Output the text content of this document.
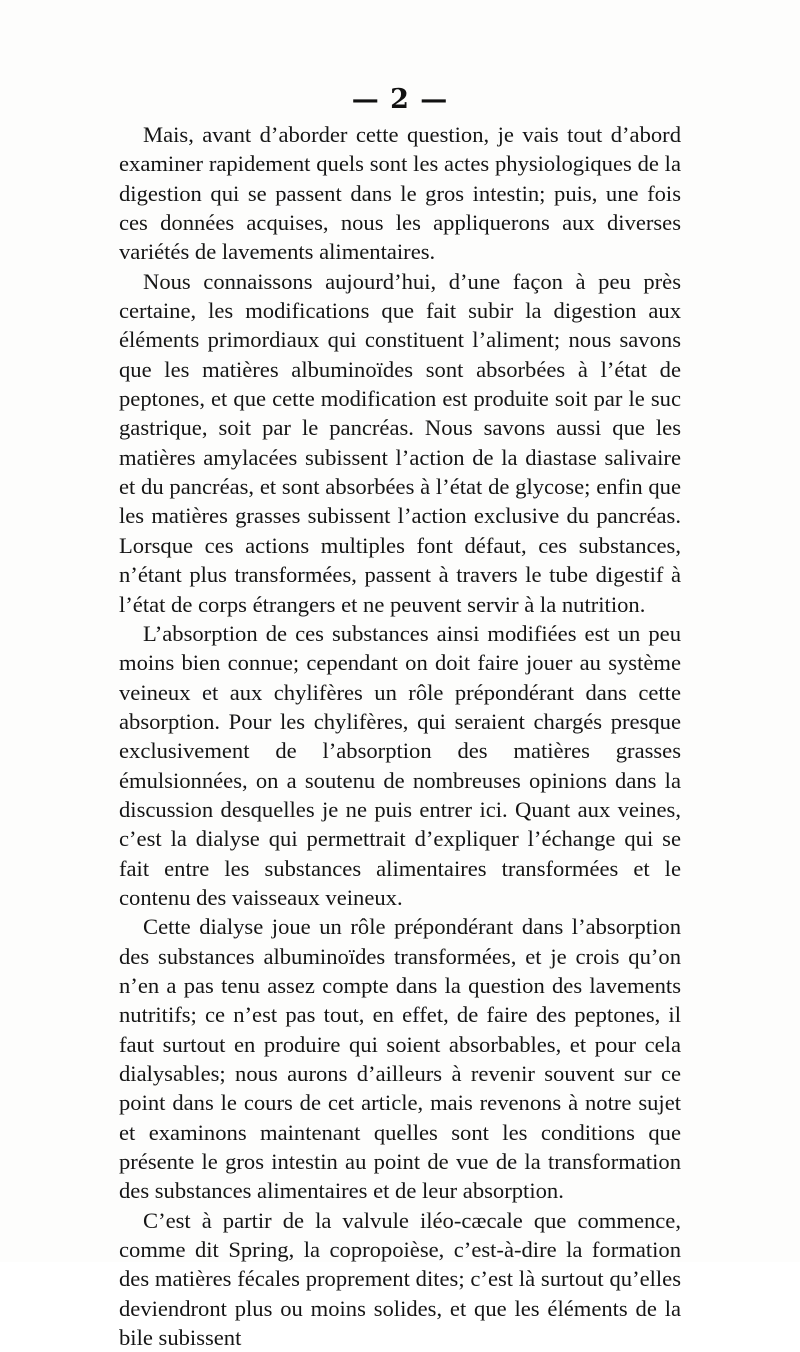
— 2 —

Mais, avant d’aborder cette question, je vais tout d’abord examiner rapidement quels sont les actes physiologiques de la digestion qui se passent dans le gros intestin; puis, une fois ces données acquises, nous les appliquerons aux diverses variétés de lavements alimentaires.

Nous connaissons aujourd’hui, d’une façon à peu près certaine, les modifications que fait subir la digestion aux éléments primordiaux qui constituent l’aliment; nous savons que les matières albuminoïdes sont absorbées à l’état de peptones, et que cette modification est produite soit par le suc gastrique, soit par le pancréas. Nous savons aussi que les matières amylacées subissent l’action de la diastase salivaire et du pancréas, et sont absorbées à l’état de glycose; enfin que les matières grasses subissent l’action exclusive du pancréas. Lorsque ces actions multiples font défaut, ces substances, n’étant plus transformées, passent à travers le tube digestif à l’état de corps étrangers et ne peuvent servir à la nutrition.

L’absorption de ces substances ainsi modifiées est un peu moins bien connue; cependant on doit faire jouer au système veineux et aux chylifères un rôle prépondérant dans cette absorption. Pour les chylifères, qui seraient chargés presque exclusivement de l’absorption des matières grasses émulsionnées, on a soutenu de nombreuses opinions dans la discussion desquelles je ne puis entrer ici. Quant aux veines, c’est la dialyse qui permettrait d’expliquer l’échange qui se fait entre les substances alimentaires transformées et le contenu des vaisseaux veineux.

Cette dialyse joue un rôle prépondérant dans l’absorption des substances albuminoïdes transformées, et je crois qu’on n’en a pas tenu assez compte dans la question des lavements nutritifs; ce n’est pas tout, en effet, de faire des peptones, il faut surtout en produire qui soient absorbables, et pour cela dialysables; nous aurons d’ailleurs à revenir souvent sur ce point dans le cours de cet article, mais revenons à notre sujet et examinons maintenant quelles sont les conditions que présente le gros intestin au point de vue de la transformation des substances alimentaires et de leur absorption.

C’est à partir de la valvule iléo-cæcale que commence, comme dit Spring, la copropoièse, c’est-à-dire la formation des matières fécales proprement dites; c’est là surtout qu’elles deviendront plus ou moins solides, et que les éléments de la bile subissent
